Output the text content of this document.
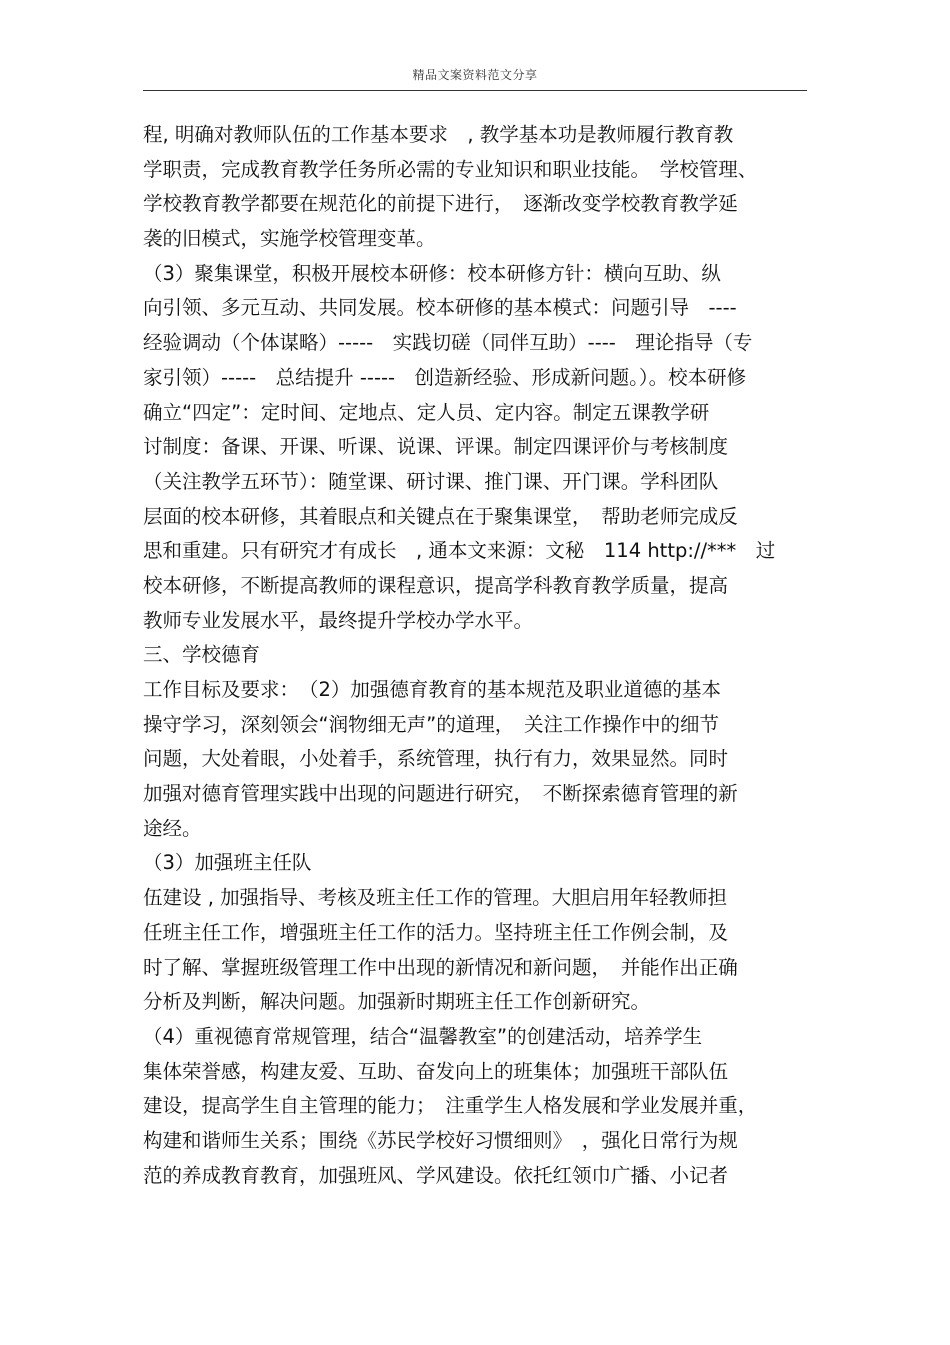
精品文案资料范文分享
程, 明确对教师队伍的工作基本要求　, 教学基本功是教师履行教育教
学职责，完成教育教学任务所必需的专业知识和职业技能。　学校管理、
学校教育教学都要在规范化的前提下进行，　逐渐改变学校教育教学延
袭的旧模式，实施学校管理变革。
（3）聚集课堂，积极开展校本研修：校本研修方针：横向互助、纵
向引领、多元互动、共同发展。校本研修的基本模式：问题引导　----
经验调动（个体谋略）-----　实践切磋（同伴互助）----　理论指导（专
家引领）-----　总结提升 -----　创造新经验、形成新问题。）。校本研修
确立“四定”：定时间、定地点、定人员、定内容。制定五课教学研
讨制度：备课、开课、听课、说课、评课。制定四课评价与考核制度
（关注教学五环节）：随堂课、研讨课、推门课、开门课。学科团队
层面的校本研修，其着眼点和关键点在于聚集课堂，　帮助老师完成反
思和重建。只有研究才有成长　, 通本文来源：文秘　114 http://***　过
校本研修，不断提高教师的课程意识，提高学科教育教学质量，提高
教师专业发展水平，最终提升学校办学水平。
三、学校德育
工作目标及要求：　（2）加强德育教育的基本规范及职业道德的基本
操守学习，深刻领会“润物细无声”的道理，　关注工作操作中的细节
问题，大处着眼，小处着手，系统管理，执行有力，效果显然。同时
加强对德育管理实践中出现的问题进行研究，　不断探索德育管理的新
途经。
（3）加强班主任队
伍建设 , 加强指导、考核及班主任工作的管理。大胆启用年轻教师担
任班主任工作，增强班主任工作的活力。坚持班主任工作例会制，及
时了解、掌握班级管理工作中出现的新情况和新问题，　并能作出正确
分析及判断，解决问题。加强新时期班主任工作创新研究。
（4）重视德育常规管理，结合“温馨教室”的创建活动，培养学生
集体荣誉感，构建友爱、互助、奋发向上的班集体；加强班干部队伍
建设，提高学生自主管理的能力；　注重学生人格发展和学业发展并重，
构建和谐师生关系；围绕《苏民学校好习惯细则》　，强化日常行为规
范的养成教育教育，加强班风、学风建设。依托红领巾广播、小记者
